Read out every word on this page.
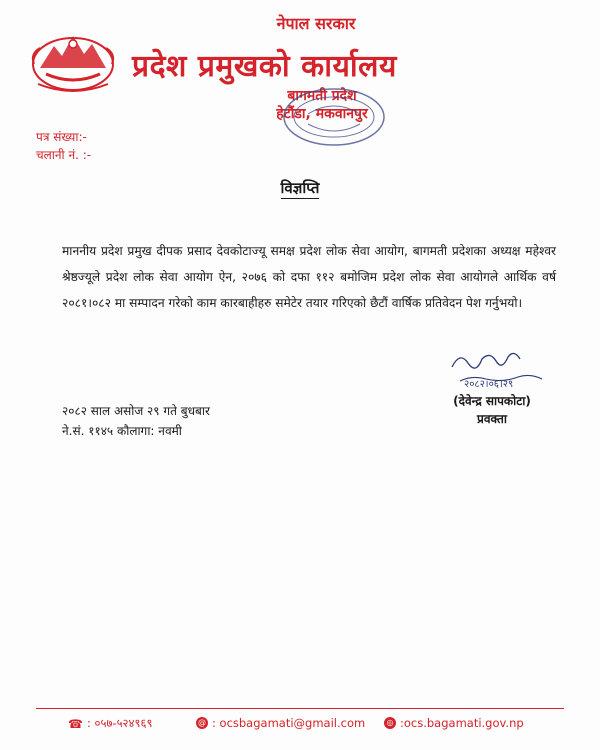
नेपाल सरकार
प्रदेश प्रमुखको कार्यालय
बागमती प्रदेश
हेटौंडा, मकवानपुर
पत्र संख्या:-
चलानी नं. :-
विज्ञप्ति
माननीय प्रदेश प्रमुख दीपक प्रसाद देवकोटाज्यू समक्ष प्रदेश लोक सेवा आयोग, बागमती प्रदेशका अध्यक्ष महेश्वर श्रेष्ठज्यूले प्रदेश लोक सेवा आयोग ऐन, २०७६ को दफा ११२ बमोजिम प्रदेश लोक सेवा आयोगले आर्थिक वर्ष २०८१।०८२ मा सम्पादन गरेको काम कारबाहीहरु समेटेर तयार गरिएको छैटौं वार्षिक प्रतिवेदन पेश गर्नुभयो।
२०८२।०६।२९
(देवेन्द्र सापकोटा)
प्रवक्ता
२०८२ साल असोज २९ गते बुधबार
ने.सं. ११४५ कौलागा: नवमी
☎ : ०५७-५२४९६९	@ : ocsbagamati@gmail.com	◎ :ocs.bagamati.gov.np
